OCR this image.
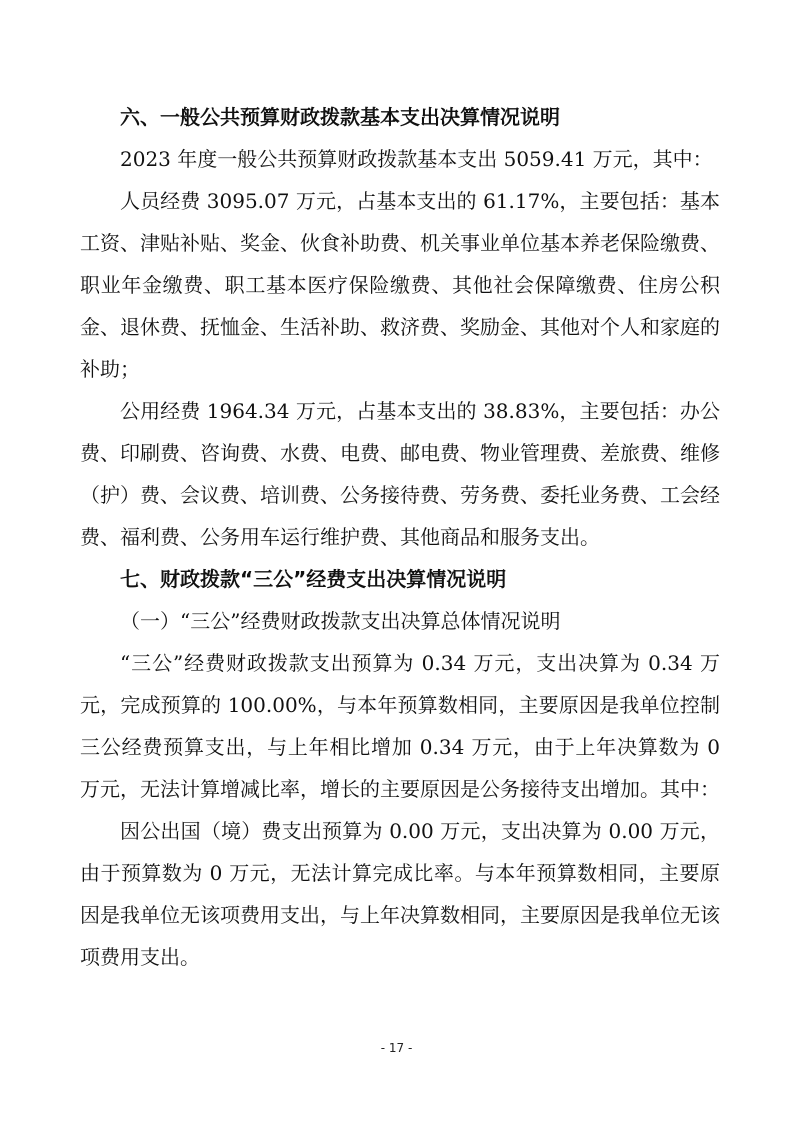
六、一般公共预算财政拨款基本支出决算情况说明

2023 年度一般公共预算财政拨款基本支出 5059.41 万元，其中：

人员经费 3095.07 万元，占基本支出的 61.17%，主要包括：基本工资、津贴补贴、奖金、伙食补助费、机关事业单位基本养老保险缴费、职业年金缴费、职工基本医疗保险缴费、其他社会保障缴费、住房公积金、退休费、抚恤金、生活补助、救济费、奖励金、其他对个人和家庭的补助；

公用经费 1964.34 万元，占基本支出的 38.83%，主要包括：办公费、印刷费、咨询费、水费、电费、邮电费、物业管理费、差旅费、维修（护）费、会议费、培训费、公务接待费、劳务费、委托业务费、工会经费、福利费、公务用车运行维护费、其他商品和服务支出。

七、财政拨款“三公”经费支出决算情况说明

（一）“三公”经费财政拨款支出决算总体情况说明

“三公”经费财政拨款支出预算为 0.34 万元，支出决算为 0.34 万元，完成预算的 100.00%，与本年预算数相同，主要原因是我单位控制三公经费预算支出，与上年相比增加 0.34 万元，由于上年决算数为 0 万元，无法计算增减比率，增长的主要原因是公务接待支出增加。其中：

因公出国（境）费支出预算为 0.00 万元，支出决算为 0.00 万元，由于预算数为 0 万元，无法计算完成比率。与本年预算数相同，主要原因是我单位无该项费用支出，与上年决算数相同，主要原因是我单位无该项费用支出。

- 17 -
